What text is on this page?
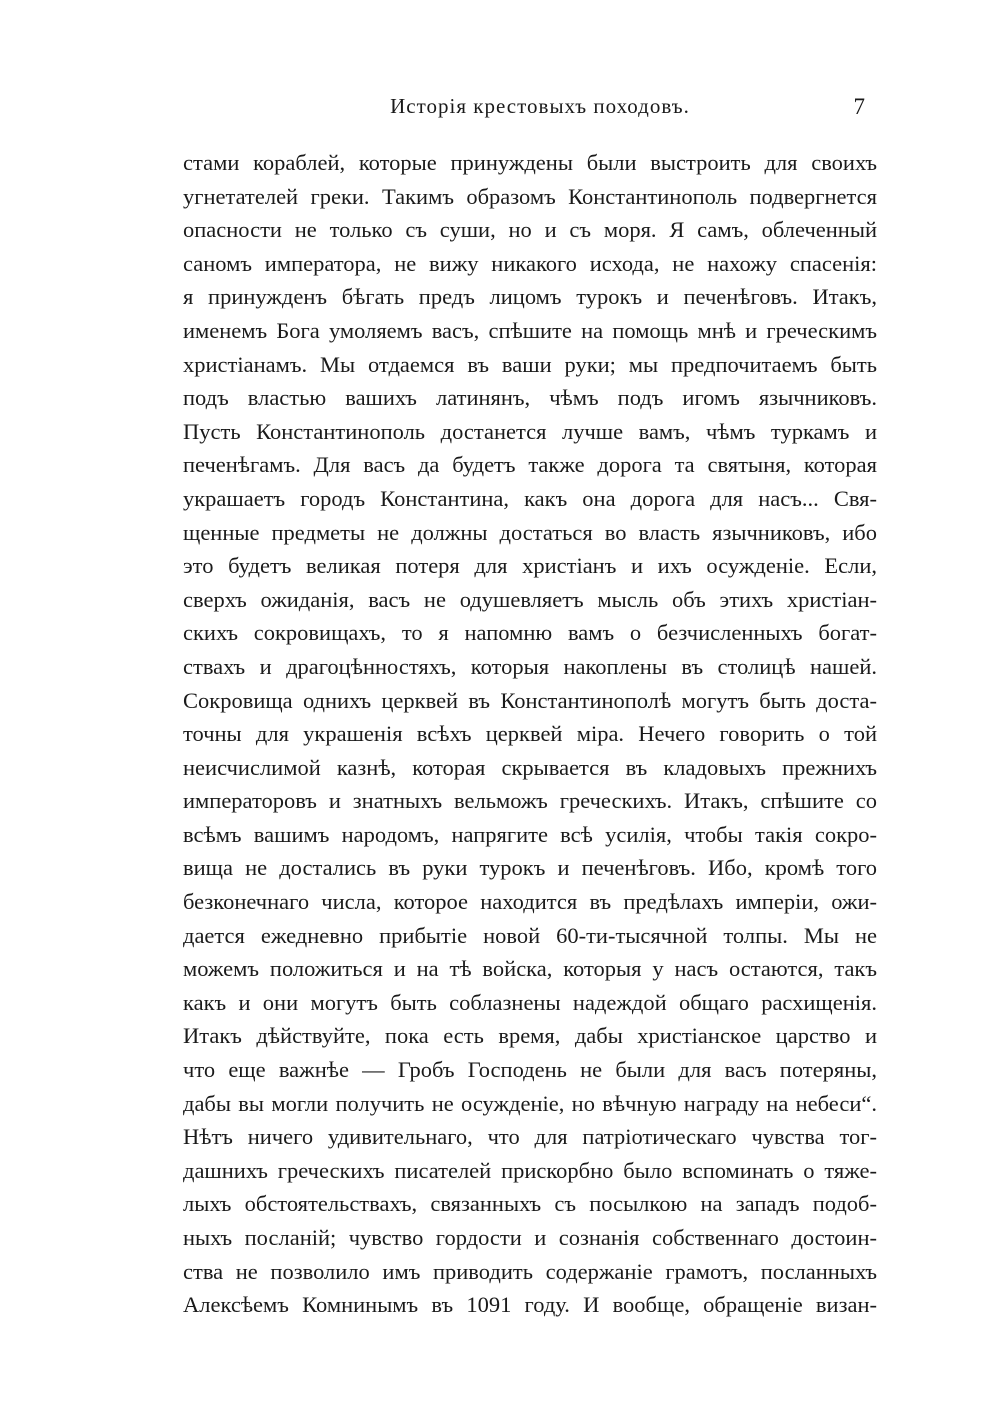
Исторія крестовыхъ походовъ.	7
стами кораблей, которые принуждены были выстроить для своихъ
угнетателей греки. Такимъ образомъ Константинополь подвергнется
опасности не только съ суши, но и съ моря. Я самъ, облеченный
саномъ императора, не вижу никакого исхода, не нахожу спасенія:
я принужденъ бѣгать предъ лицомъ турокъ и печенѣговъ. Итакъ,
именемъ Бога умоляемъ васъ, спѣшите на помощь мнѣ и греческимъ
христіанамъ. Мы отдаемся въ ваши руки; мы предпочитаемъ быть
подъ властью вашихъ латинянъ, чѣмъ подъ игомъ язычниковъ.
Пусть Константинополь достанется лучше вамъ, чѣмъ туркамъ и
печенѣгамъ. Для васъ да будетъ также дорога та святыня, которая
украшаетъ городъ Константина, какъ она дорога для насъ... Свя-
щенные предметы не должны достаться во власть язычниковъ, ибо
это будетъ великая потеря для христіанъ и ихъ осужденіе. Если,
сверхъ ожиданія, васъ не одушевляетъ мысль объ этихъ христіан-
скихъ сокровищахъ, то я напомню вамъ о безчисленныхъ богат-
ствахъ и драгоцѣнностяхъ, которыя накоплены въ столицѣ нашей.
Сокровища однихъ церквей въ Константинополѣ могутъ быть доста-
точны для украшенія всѣхъ церквей міра. Нечего говорить о той
неисчислимой казнѣ, которая скрывается въ кладовыхъ прежнихъ
императоровъ и знатныхъ вельможъ греческихъ. Итакъ, спѣшите со
всѣмъ вашимъ народомъ, напрягите всѣ усилія, чтобы такія сокро-
вища не достались въ руки турокъ и печенѣговъ. Ибо, кромѣ того
безконечнаго числа, которое находится въ предѣлахъ имперіи, ожи-
дается ежедневно прибытіе новой 60-ти-тысячной толпы. Мы не
можемъ положиться и на тѣ войска, которыя у насъ остаются, такъ
какъ и они могутъ быть соблазнены надеждой общаго расхищенія.
Итакъ дѣйствуйте, пока есть время, дабы христіанское царство и
что еще важнѣе — Гробъ Господень не были для васъ потеряны,
дабы вы могли получить не осужденіе, но вѣчную награду на небеси“.
Нѣтъ ничего удивительнаго, что для патріотическаго чувства тог-
дашнихъ греческихъ писателей прискорбно было вспоминать о тяже-
лыхъ обстоятельствахъ, связанныхъ съ посылкою на западъ подоб-
ныхъ посланій; чувство гордости и сознанія собственнаго достоин-
ства не позволило имъ приводить содержаніе грамотъ, посланныхъ
Алексѣемъ Комнинымъ въ 1091 году. И вообще, обращеніе визан-
